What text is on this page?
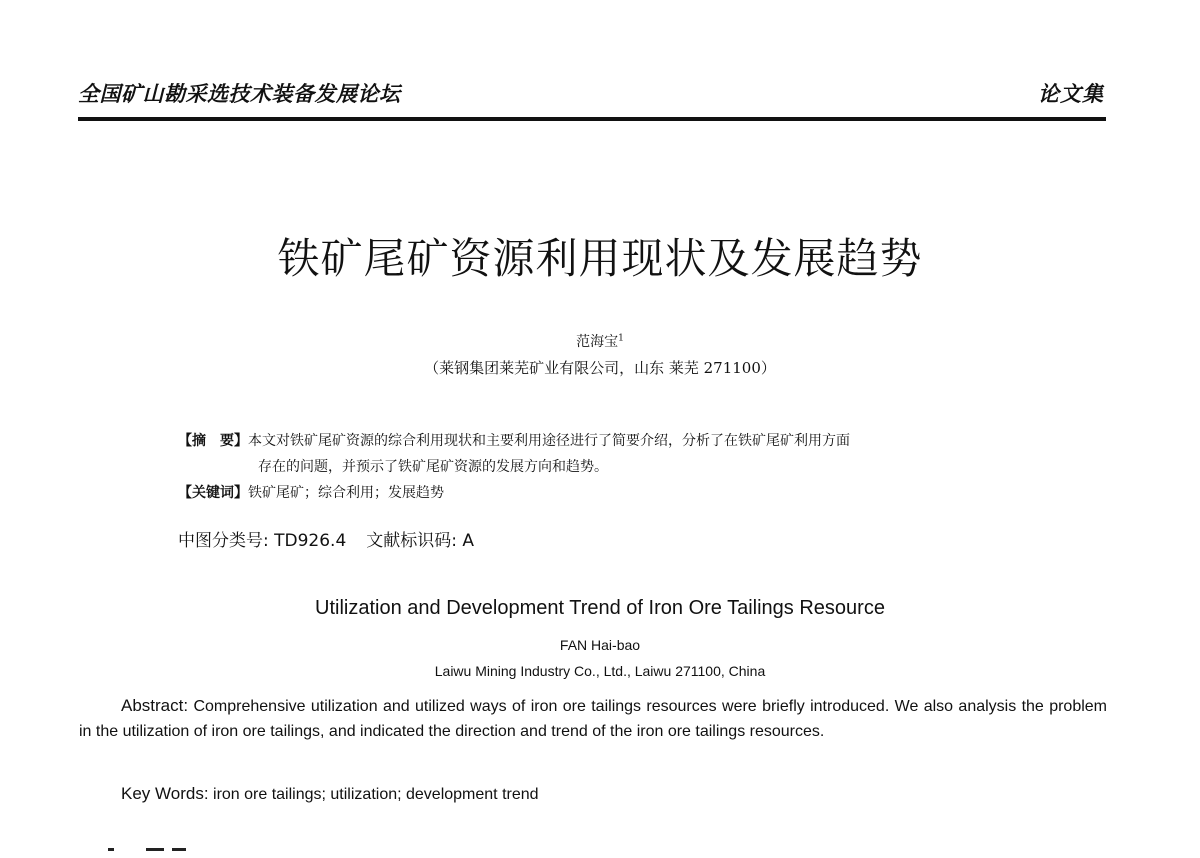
全国矿山勘采选技术装备发展论坛	论文集
铁矿尾矿资源利用现状及发展趋势
范海宝$^1$
（莱钢集团莱芜矿业有限公司，山东 莱芜 271100）
【摘　要】本文对铁矿尾矿资源的综合利用现状和主要利用途径进行了简要介绍，分析了在铁矿尾矿利用方面
存在的问题，并预示了铁矿尾矿资源的发展方向和趋势。
【关键词】铁矿尾矿；综合利用；发展趋势
中图分类号: TD926.4 文献标识码: A
Utilization and Development Trend of Iron Ore Tailings Resource
FAN Hai-bao
Laiwu Mining Industry Co., Ltd., Laiwu 271100, China
Abstract: Comprehensive utilization and utilized ways of iron ore tailings resources were briefly introduced. We also analysis the problem in the utilization of iron ore tailings, and indicated the direction and trend of the iron ore tailings resources.
Key Words: iron ore tailings; utilization; development trend
